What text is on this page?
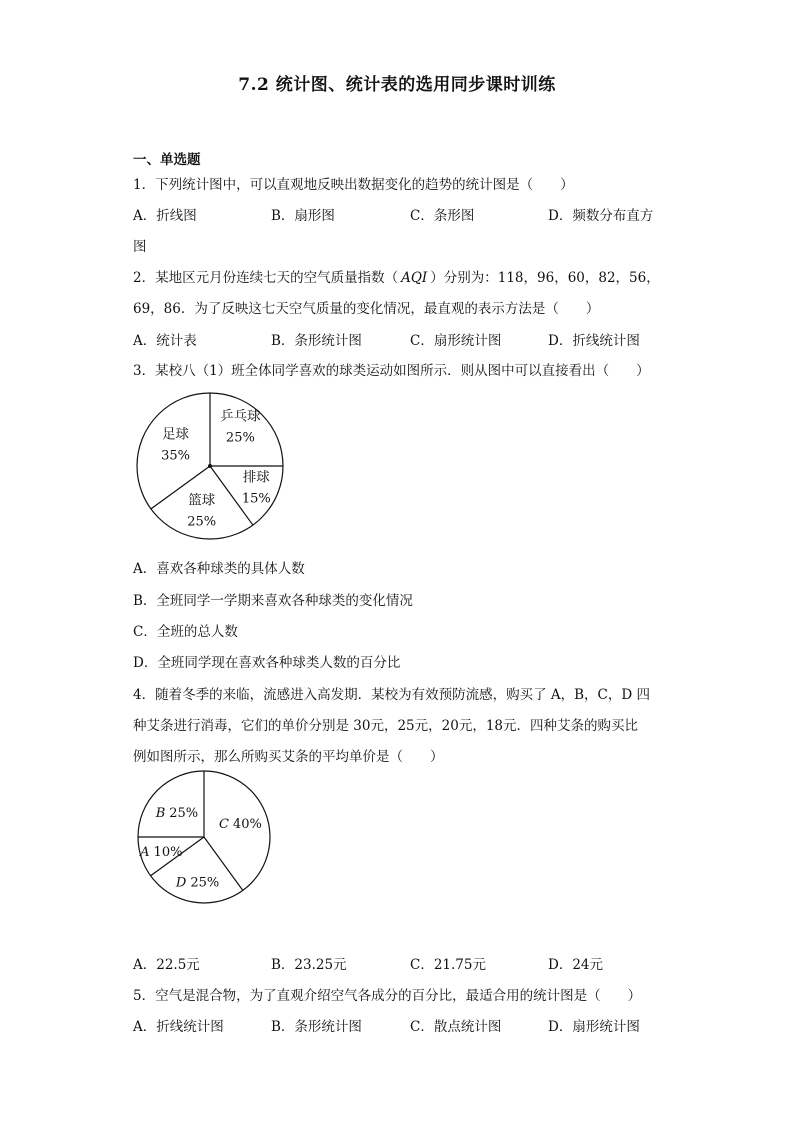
7.2 统计图、统计表的选用同步课时训练
一、单选题
1．下列统计图中，可以直观地反映出数据变化的趋势的统计图是（　　）
A．折线图	B．扇形图	C．条形图	D．频数分布直方
图
2．某地区元月份连续七天的空气质量指数（ AQI ）分别为：118，96，60，82，56，
69，86．为了反映这七天空气质量的变化情况，最直观的表示方法是（　　）
A．统计表	B．条形统计图	C．扇形统计图	D．折线统计图
3．某校八（1）班全体同学喜欢的球类运动如图所示．则从图中可以直接看出（　　）
乒乓球
25%
排球
15%
篮球
25%
足球
35%
A．喜欢各种球类的具体人数
B．全班同学一学期来喜欢各种球类的变化情况
C．全班的总人数
D．全班同学现在喜欢各种球类人数的百分比
4．随着冬季的来临，流感进入高发期．某校为有效预防流感，购买了 A，B，C，D 四
种艾条进行消毒，它们的单价分别是 30元，25元，20元，18元．四种艾条的购买比
例如图所示，那么所购买艾条的平均单价是（　　）
C 40%
D 25%
A 10%
B 25%
A．22.5元	B．23.25元	C．21.75元	D．24元
5．空气是混合物，为了直观介绍空气各成分的百分比，最适合用的统计图是（　　）
A．折线统计图	B．条形统计图	C．散点统计图	D．扇形统计图
